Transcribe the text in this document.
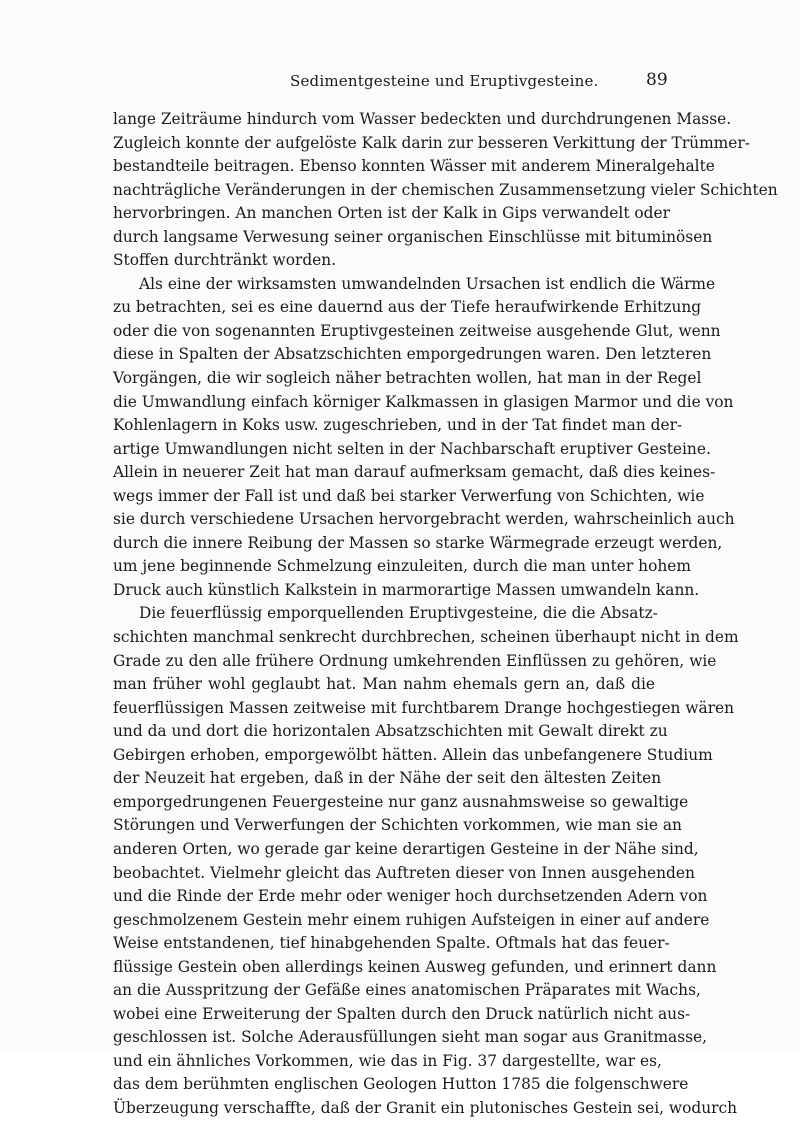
Sedimentgesteine und Eruptivgesteine.	89
lange Zeiträume hindurch vom Wasser bedeckten und durchdrungenen Masse.
Zugleich konnte der aufgelöste Kalk darin zur besseren Verkittung der Trümmer-
bestandteile beitragen. Ebenso konnten Wässer mit anderem Mineralgehalte
nachträgliche Veränderungen in der chemischen Zusammensetzung vieler Schichten
hervorbringen. An manchen Orten ist der Kalk in Gips verwandelt oder
durch langsame Verwesung seiner organischen Einschlüsse mit bituminösen
Stoffen durchtränkt worden.
Als eine der wirksamsten umwandelnden Ursachen ist endlich die Wärme
zu betrachten, sei es eine dauernd aus der Tiefe heraufwirkende Erhitzung
oder die von sogenannten Eruptivgesteinen zeitweise ausgehende Glut, wenn
diese in Spalten der Absatzschichten emporgedrungen waren. Den letzteren
Vorgängen, die wir sogleich näher betrachten wollen, hat man in der Regel
die Umwandlung einfach körniger Kalkmassen in glasigen Marmor und die von
Kohlenlagern in Koks usw. zugeschrieben, und in der Tat findet man der-
artige Umwandlungen nicht selten in der Nachbarschaft eruptiver Gesteine.
Allein in neuerer Zeit hat man darauf aufmerksam gemacht, daß dies keines-
wegs immer der Fall ist und daß bei starker Verwerfung von Schichten, wie
sie durch verschiedene Ursachen hervorgebracht werden, wahrscheinlich auch
durch die innere Reibung der Massen so starke Wärmegrade erzeugt werden,
um jene beginnende Schmelzung einzuleiten, durch die man unter hohem
Druck auch künstlich Kalkstein in marmorartige Massen umwandeln kann.
Die feuerflüssig emporquellenden Eruptivgesteine, die die Absatz-
schichten manchmal senkrecht durchbrechen, scheinen überhaupt nicht in dem
Grade zu den alle frühere Ordnung umkehrenden Einflüssen zu gehören, wie
man früher wohl geglaubt hat. Man nahm ehemals gern an, daß die
feuerflüssigen Massen zeitweise mit furchtbarem Drange hochgestiegen wären
und da und dort die horizontalen Absatzschichten mit Gewalt direkt zu
Gebirgen erhoben, emporgewölbt hätten. Allein das unbefangenere Studium
der Neuzeit hat ergeben, daß in der Nähe der seit den ältesten Zeiten
emporgedrungenen Feuergesteine nur ganz ausnahmsweise so gewaltige
Störungen und Verwerfungen der Schichten vorkommen, wie man sie an
anderen Orten, wo gerade gar keine derartigen Gesteine in der Nähe sind,
beobachtet. Vielmehr gleicht das Auftreten dieser von Innen ausgehenden
und die Rinde der Erde mehr oder weniger hoch durchsetzenden Adern von
geschmolzenem Gestein mehr einem ruhigen Aufsteigen in einer auf andere
Weise entstandenen, tief hinabgehenden Spalte. Oftmals hat das feuer-
flüssige Gestein oben allerdings keinen Ausweg gefunden, und erinnert dann
an die Ausspritzung der Gefäße eines anatomischen Präparates mit Wachs,
wobei eine Erweiterung der Spalten durch den Druck natürlich nicht aus-
geschlossen ist. Solche Aderausfüllungen sieht man sogar aus Granitmasse,
und ein ähnliches Vorkommen, wie das in Fig. 37 dargestellte, war es,
das dem berühmten englischen Geologen Hutton 1785 die folgenschwere
Überzeugung verschaffte, daß der Granit ein plutonisches Gestein sei, wodurch
